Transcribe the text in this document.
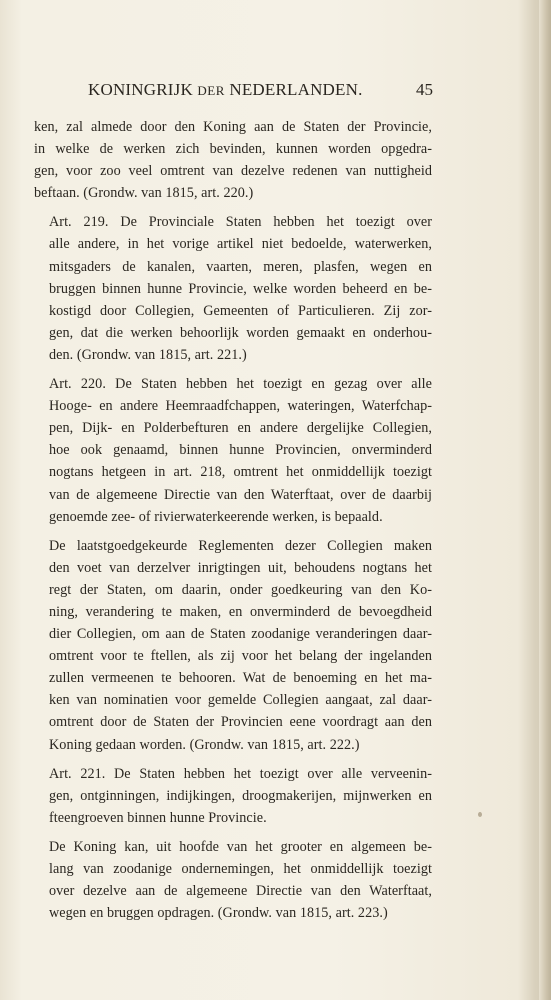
KONINGRIJK DER NEDERLANDEN.	45

ken, zal almede door den Koning aan de Staten der Provincie,
in welke de werken zich bevinden, kunnen worden opgedra-
gen, voor zoo veel omtrent van dezelve redenen van nuttigheid
beftaan. (Grondw. van 1815, art. 220.)

Art. 219. De Provinciale Staten hebben het toezigt over
alle andere, in het vorige artikel niet bedoelde, waterwerken,
mitsgaders de kanalen, vaarten, meren, plasfen, wegen en
bruggen binnen hunne Provincie, welke worden beheerd en be-
kostigd door Collegien, Gemeenten of Particulieren. Zij zor-
gen, dat die werken behoorlijk worden gemaakt en onderhou-
den. (Grondw. van 1815, art. 221.)

Art. 220. De Staten hebben het toezigt en gezag over alle
Hooge- en andere Heemraadfchappen, wateringen, Waterfchap-
pen, Dijk- en Polderbefturen en andere dergelijke Collegien,
hoe ook genaamd, binnen hunne Provincien, onverminderd
nogtans hetgeen in art. 218, omtrent het onmiddellijk toezigt
van de algemeene Directie van den Waterftaat, over de daarbij
genoemde zee- of rivierwaterkeerende werken, is bepaald.

De laatstgoedgekeurde Reglementen dezer Collegien maken
den voet van derzelver inrigtingen uit, behoudens nogtans het
regt der Staten, om daarin, onder goedkeuring van den Ko-
ning, verandering te maken, en onverminderd de bevoegdheid
dier Collegien, om aan de Staten zoodanige veranderingen daar-
omtrent voor te ftellen, als zij voor het belang der ingelanden
zullen vermeenen te behooren. Wat de benoeming en het ma-
ken van nominatien voor gemelde Collegien aangaat, zal daar-
omtrent door de Staten der Provincien eene voordragt aan den
Koning gedaan worden. (Grondw. van 1815, art. 222.)

Art. 221. De Staten hebben het toezigt over alle verveenin-
gen, ontginningen, indijkingen, droogmakerijen, mijnwerken en
fteengroeven binnen hunne Provincie.

De Koning kan, uit hoofde van het grooter en algemeen be-
lang van zoodanige ondernemingen, het onmiddellijk toezigt
over dezelve aan de algemeene Directie van den Waterftaat,
wegen en bruggen opdragen. (Grondw. van 1815, art. 223.)
